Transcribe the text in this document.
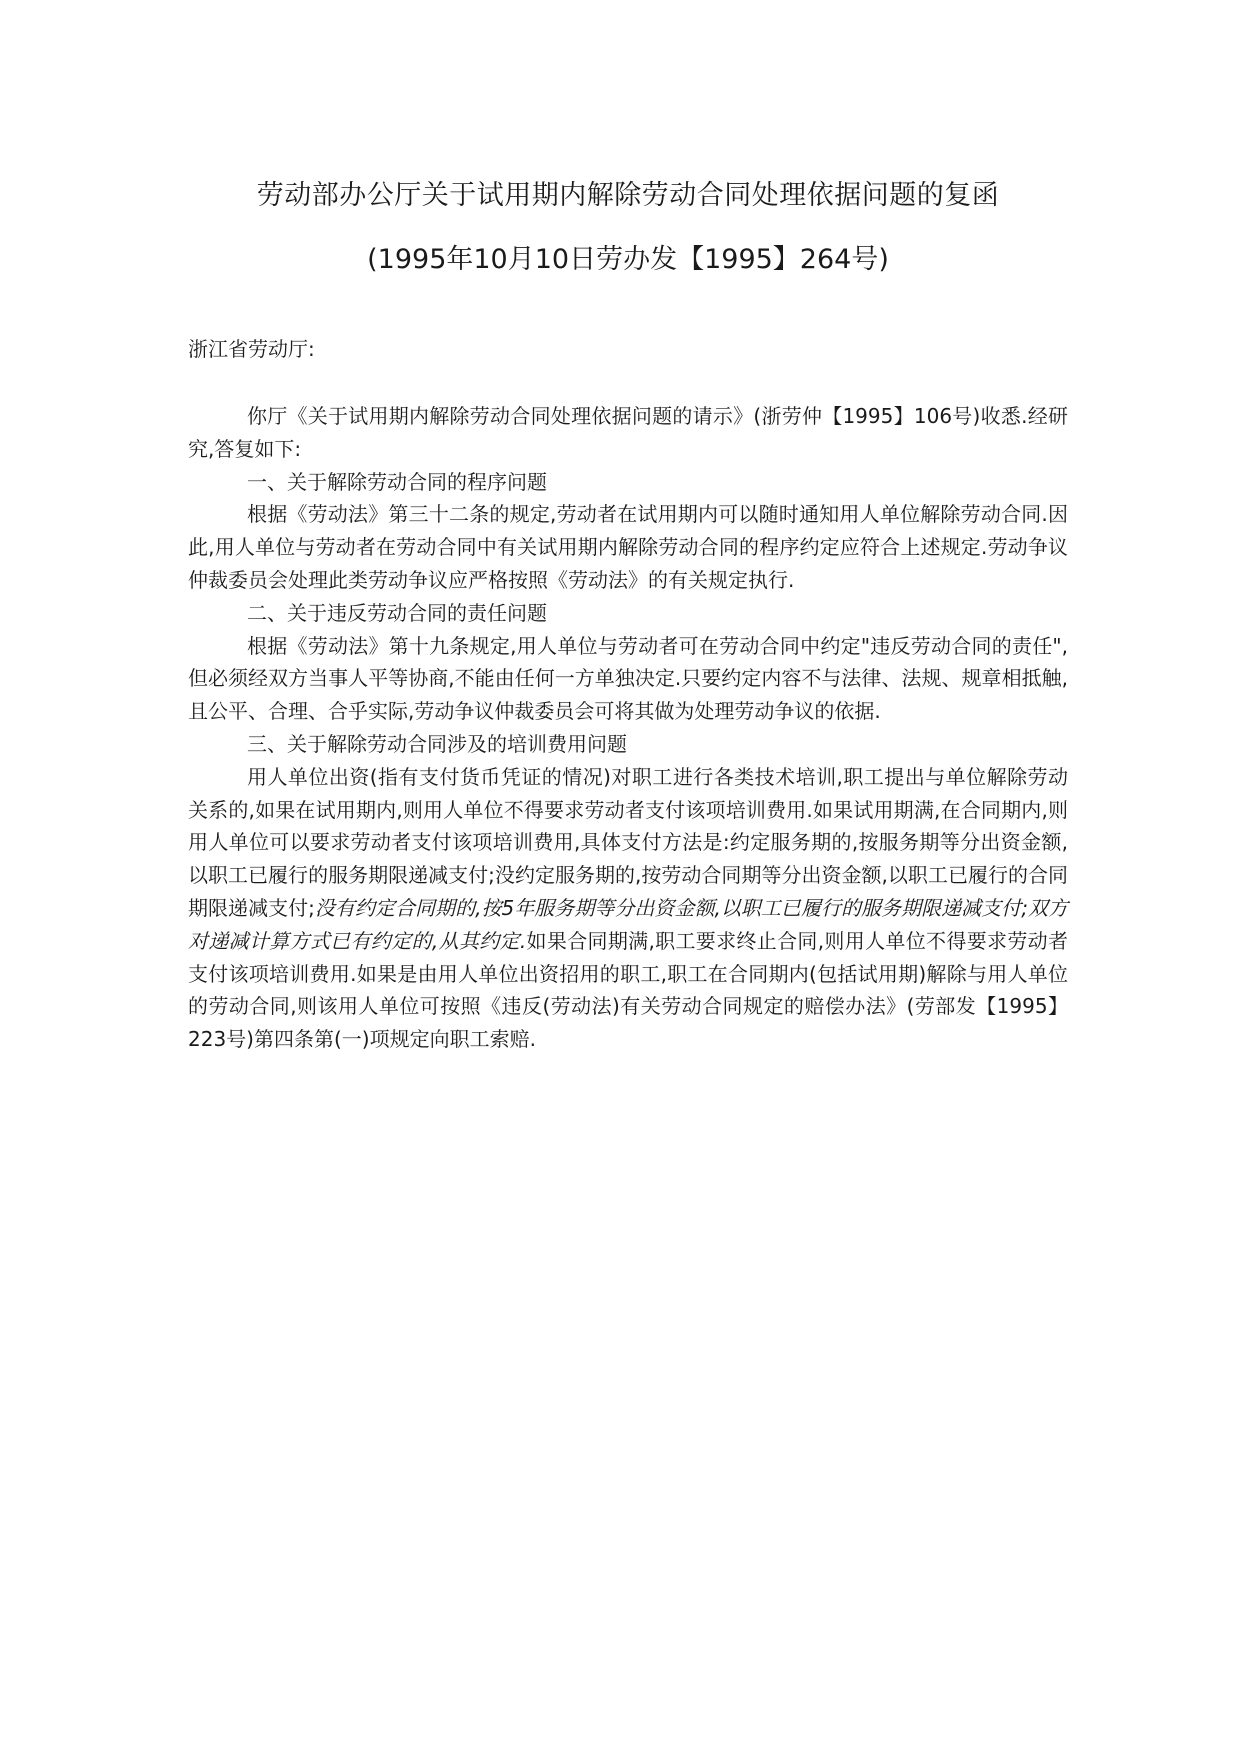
劳动部办公厅关于试用期内解除劳动合同处理依据问题的复函
(1995年10月10日劳办发【1995】264号)
浙江省劳动厅:

你厅《关于试用期内解除劳动合同处理依据问题的请示》(浙劳仲【1995】106号)收悉.经研究,答复如下:

一、关于解除劳动合同的程序问题

根据《劳动法》第三十二条的规定,劳动者在试用期内可以随时通知用人单位解除劳动合同.因此,用人单位与劳动者在劳动合同中有关试用期内解除劳动合同的程序约定应符合上述规定.劳动争议仲裁委员会处理此类劳动争议应严格按照《劳动法》的有关规定执行.

二、关于违反劳动合同的责任问题

根据《劳动法》第十九条规定,用人单位与劳动者可在劳动合同中约定"违反劳动合同的责任",但必须经双方当事人平等协商,不能由任何一方单独决定.只要约定内容不与法律、法规、规章相抵触,且公平、合理、合乎实际,劳动争议仲裁委员会可将其做为处理劳动争议的依据.

三、关于解除劳动合同涉及的培训费用问题

用人单位出资(指有支付货币凭证的情况)对职工进行各类技术培训,职工提出与单位解除劳动关系的,如果在试用期内,则用人单位不得要求劳动者支付该项培训费用.如果试用期满,在合同期内,则用人单位可以要求劳动者支付该项培训费用,具体支付方法是:约定服务期的,按服务期等分出资金额,以职工已履行的服务期限递减支付;没约定服务期的,按劳动合同期等分出资金额,以职工已履行的合同期限递减支付;没有约定合同期的,按5年服务期等分出资金额,以职工已履行的服务期限递减支付;双方对递减计算方式已有约定的,从其约定.如果合同期满,职工要求终止合同,则用人单位不得要求劳动者支付该项培训费用.如果是由用人单位出资招用的职工,职工在合同期内(包括试用期)解除与用人单位的劳动合同,则该用人单位可按照《违反(劳动法)有关劳动合同规定的赔偿办法》(劳部发【1995】223号)第四条第(一)项规定向职工索赔.
